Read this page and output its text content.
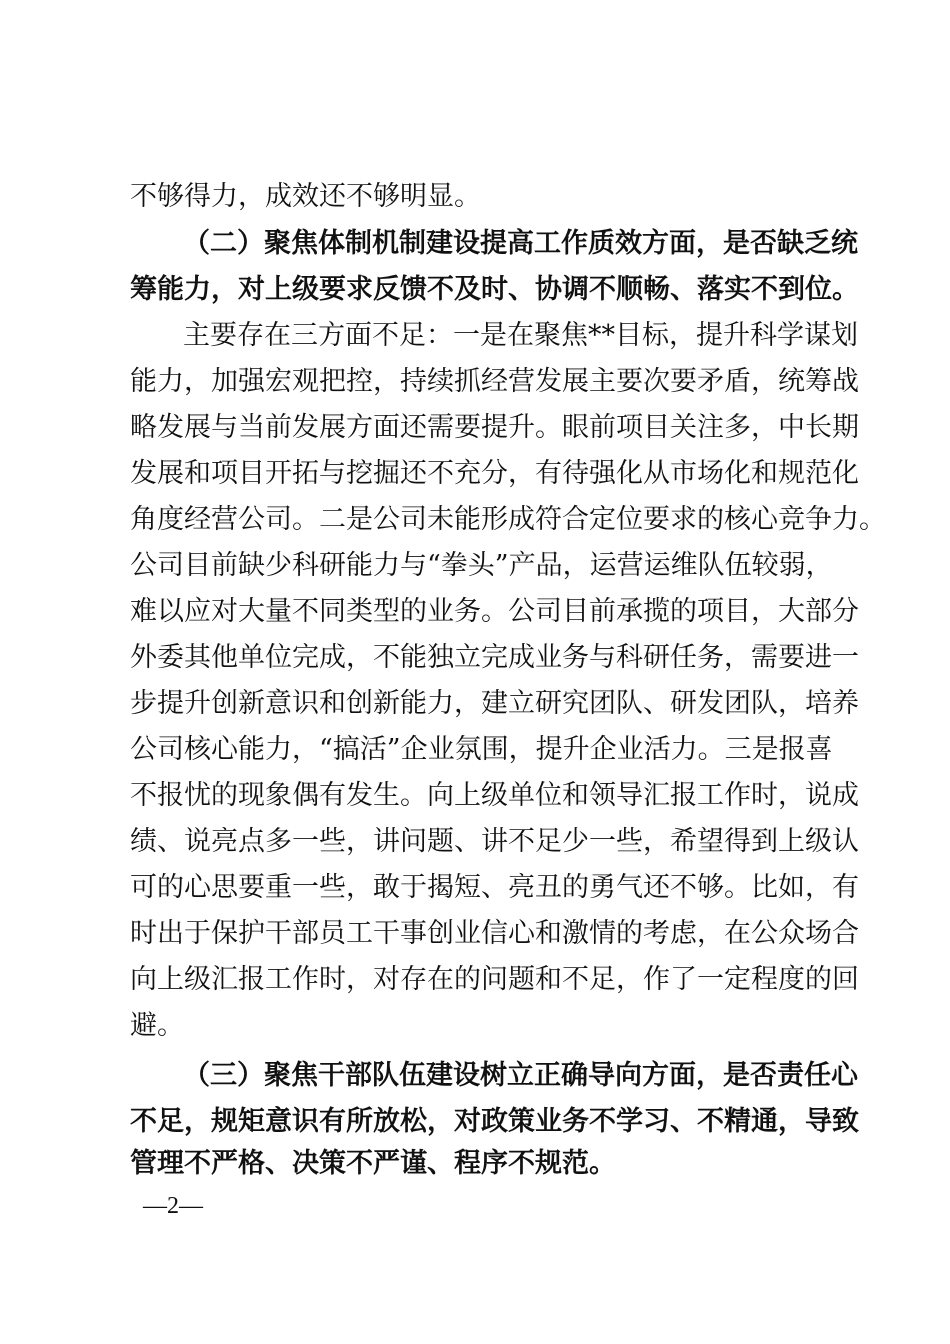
不够得力，成效还不够明显。
（二）聚焦体制机制建设提高工作质效方面，是否缺乏统
筹能力，对上级要求反馈不及时、协调不顺畅、落实不到位。
主要存在三方面不足：一是在聚焦**目标，提升科学谋划
能力，加强宏观把控，持续抓经营发展主要次要矛盾，统筹战
略发展与当前发展方面还需要提升。眼前项目关注多，中长期
发展和项目开拓与挖掘还不充分，有待强化从市场化和规范化
角度经营公司。二是公司未能形成符合定位要求的核心竞争力。
公司目前缺少科研能力与“拳头”产品，运营运维队伍较弱，
难以应对大量不同类型的业务。公司目前承揽的项目，大部分
外委其他单位完成，不能独立完成业务与科研任务，需要进一
步提升创新意识和创新能力，建立研究团队、研发团队，培养
公司核心能力，“搞活”企业氛围，提升企业活力。三是报喜
不报忧的现象偶有发生。向上级单位和领导汇报工作时，说成
绩、说亮点多一些，讲问题、讲不足少一些，希望得到上级认
可的心思要重一些，敢于揭短、亮丑的勇气还不够。比如，有
时出于保护干部员工干事创业信心和激情的考虑，在公众场合
向上级汇报工作时，对存在的问题和不足，作了一定程度的回
避。
（三）聚焦干部队伍建设树立正确导向方面，是否责任心
不足，规矩意识有所放松，对政策业务不学习、不精通，导致
管理不严格、决策不严谨、程序不规范。
—2—
